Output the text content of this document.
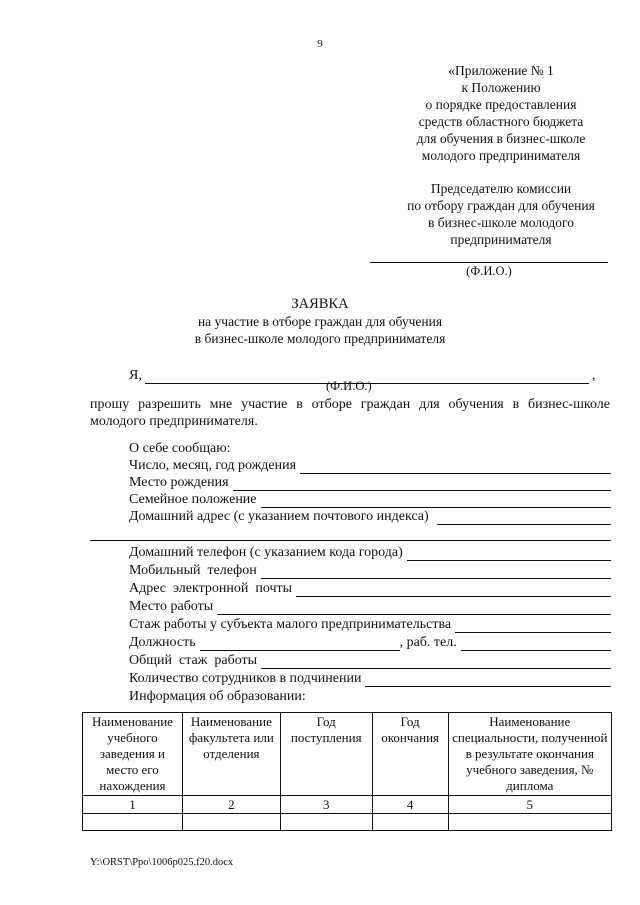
9
«Приложение № 1
к Положению
о порядке предоставления
средств областного бюджета
для обучения в бизнес-школе
молодого предпринимателя
Председателю комиссии
по отбору граждан для обучения
в бизнес-школе молодого
предпринимателя
(Ф.И.О.)
ЗАЯВКА
на участие в отборе граждан для обучения
в бизнес-школе молодого предпринимателя
Я,	,
(Ф.И.О.)
прошу разрешить мне участие в отборе граждан для обучения в бизнес-школе молодого предпринимателя.
О себе сообщаю:
Число, месяц, год рождения
Место рождения
Семейное положение
Домашний адрес (с указанием почтового индекса)
Домашний телефон (с указанием кода города)
Мобильный  телефон
Адрес  электронной  почты
Место работы
Стаж работы у субъекта малого предпринимательства
Должность	, раб. тел.
Общий  стаж  работы
Количество сотрудников в подчинении
Информация об образовании:
Наименование учебного заведения и место его нахождения	Наименование факультета или отделения	Год поступления	Год окончания	Наименование специальности, полученной в результате окончания учебного заведения, № диплома
1	2	3	4	5

Y:\ORST\Ppo\1006p025.f20.docx
